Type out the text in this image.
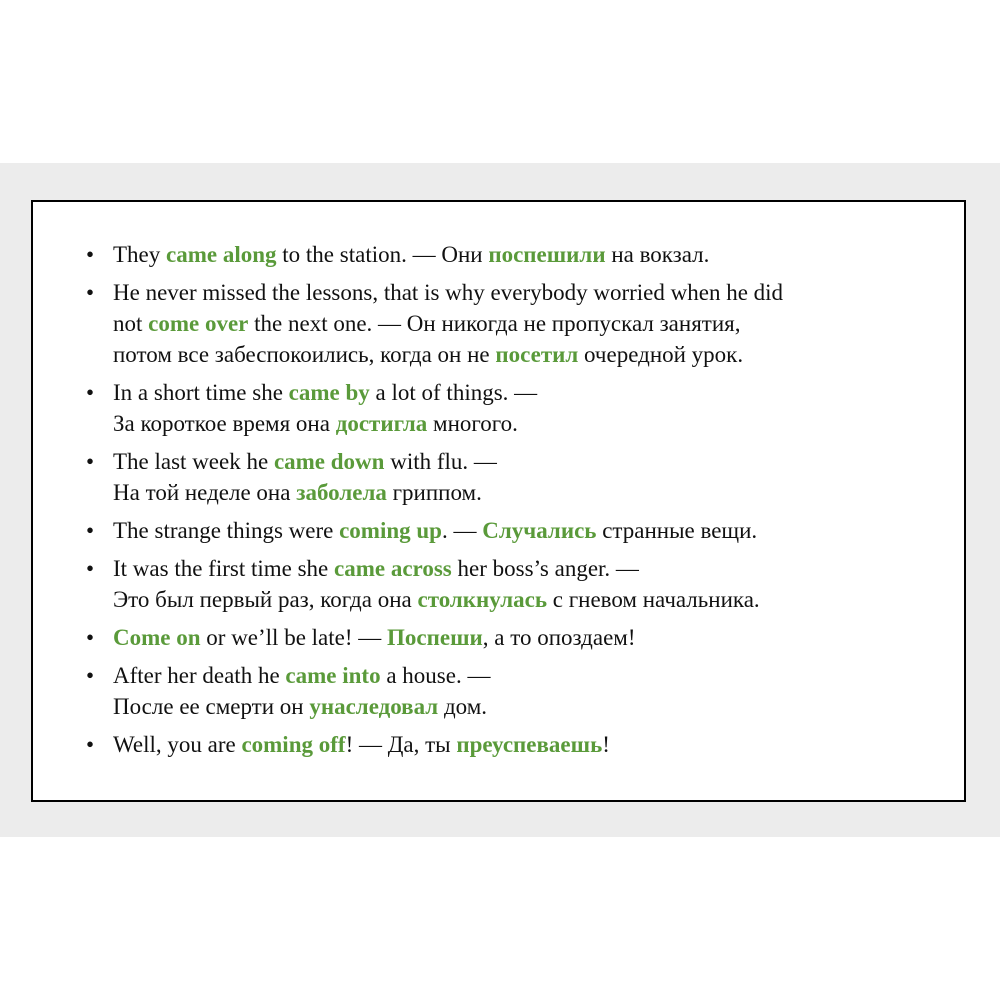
• They came along to the station. — Они поспешили на вокзал.
• He never missed the lessons, that is why everybody worried when he did
not come over the next one. — Он никогда не пропускал занятия,
потом все забеспокоились, когда он не посетил очередной урок.
• In a short time she came by a lot of things. —
За короткое время она достигла многого.
• The last week he came down with flu. —
На той неделе она заболела гриппом.
• The strange things were coming up. — Случались странные вещи.
• It was the first time she came across her boss’s anger. —
Это был первый раз, когда она столкнулась с гневом начальника.
• Come on or we’ll be late! — Поспеши, а то опоздаем!
• After her death he came into a house. —
После ее смерти он унаследовал дом.
• Well, you are coming off! — Да, ты преуспеваешь!
